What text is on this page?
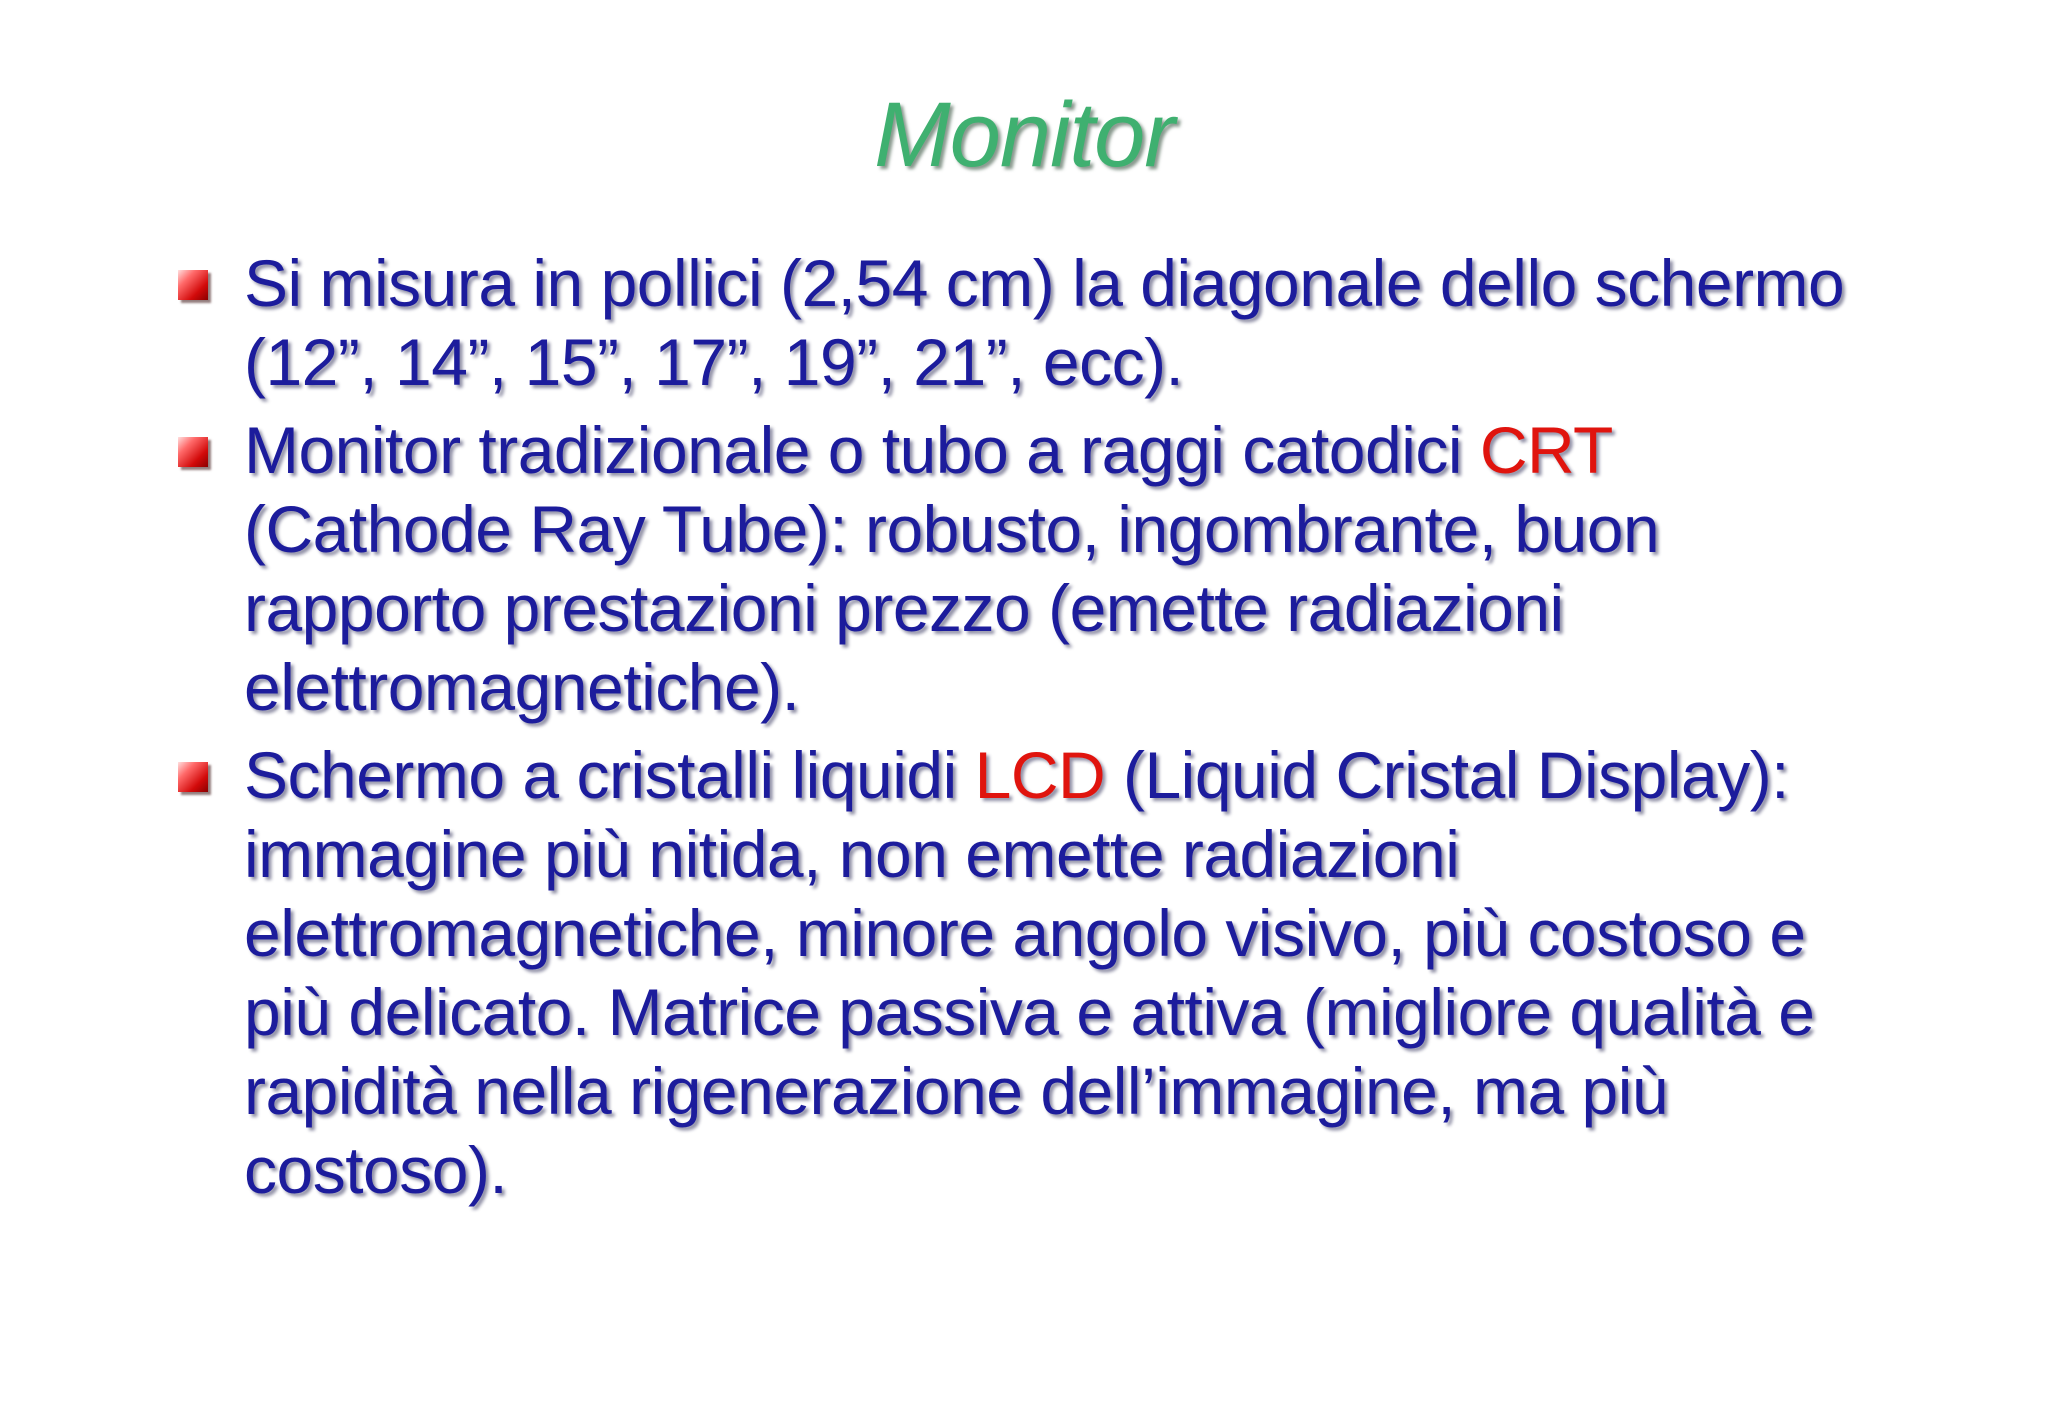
Monitor
Si misura in pollici (2,54 cm) la diagonale dello schermo (12”, 14”, 15”, 17”, 19”, 21”, ecc).
Monitor tradizionale o tubo a raggi catodici CRT (Cathode Ray Tube): robusto, ingombrante, buon rapporto prestazioni prezzo (emette radiazioni elettromagnetiche).
Schermo a cristalli liquidi LCD (Liquid Cristal Display): immagine più nitida, non emette radiazioni elettromagnetiche, minore angolo visivo, più costoso e più delicato. Matrice passiva e attiva (migliore qualità e rapidità nella rigenerazione dell’immagine, ma più costoso).
